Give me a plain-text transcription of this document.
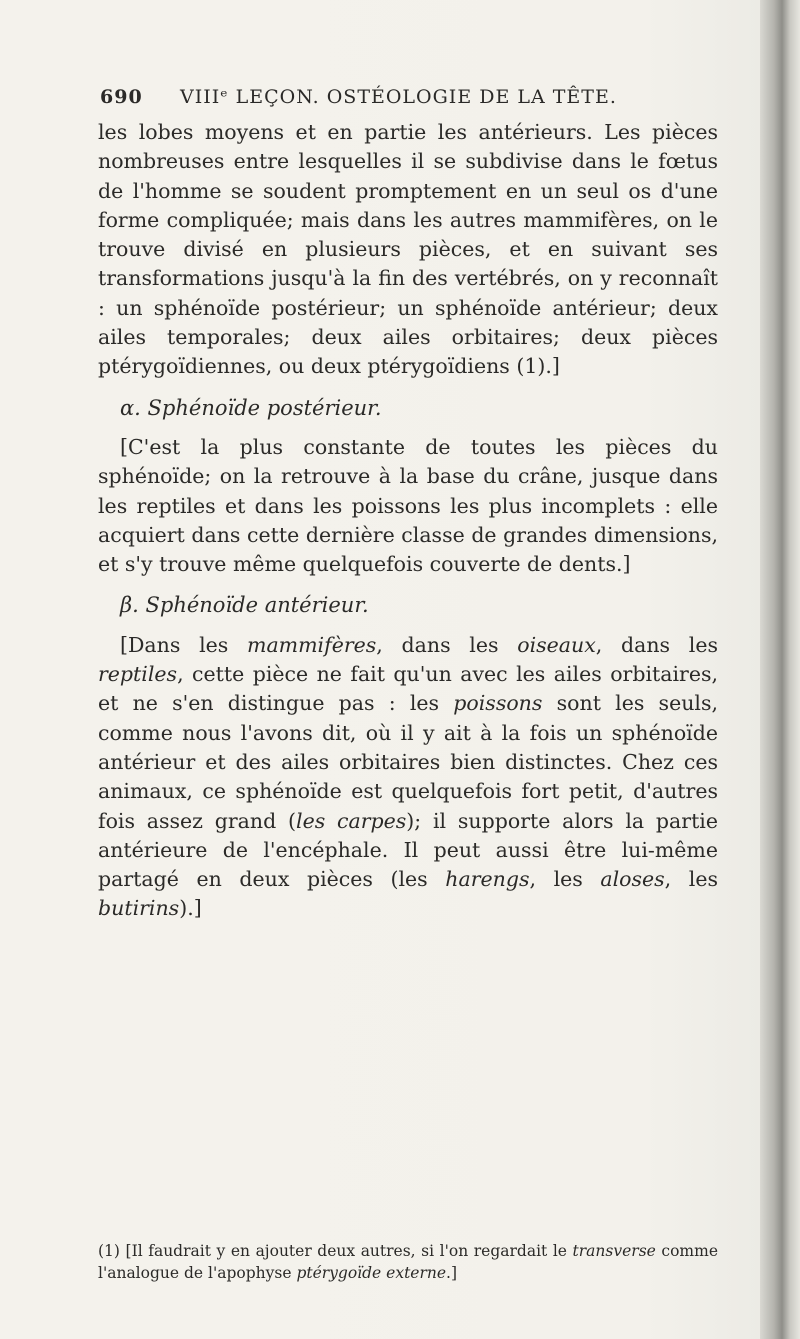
690 VIIIᵉ LEÇON. OSTÉOLOGIE DE LA TÊTE.

les lobes moyens et en partie les antérieurs. Les pièces nombreuses entre lesquelles il se subdivise dans le fœtus de l'homme se soudent promptement en un seul os d'une forme compliquée; mais dans les autres mammifères, on le trouve divisé en plusieurs pièces, et en suivant ses transformations jusqu'à la fin des vertébrés, on y reconnaît : un sphénoïde postérieur; un sphénoïde antérieur; deux ailes temporales; deux ailes orbitaires; deux pièces ptérygoïdiennes, ou deux ptérygoïdiens (1).]

α. Sphénoïde postérieur.

[C'est la plus constante de toutes les pièces du sphénoïde; on la retrouve à la base du crâne, jusque dans les reptiles et dans les poissons les plus incomplets : elle acquiert dans cette dernière classe de grandes dimensions, et s'y trouve même quelquefois couverte de dents.]

β. Sphénoïde antérieur.

[Dans les mammifères, dans les oiseaux, dans les reptiles, cette pièce ne fait qu'un avec les ailes orbitaires, et ne s'en distingue pas : les poissons sont les seuls, comme nous l'avons dit, où il y ait à la fois un sphénoïde antérieur et des ailes orbitaires bien distinctes. Chez ces animaux, ce sphénoïde est quelquefois fort petit, d'autres fois assez grand (les carpes); il supporte alors la partie antérieure de l'encéphale. Il peut aussi être lui-même partagé en deux pièces (les harengs, les aloses, les butirins).]

(1) [Il faudrait y en ajouter deux autres, si l'on regardait le transverse comme l'analogue de l'apophyse ptérygoïde externe.]
